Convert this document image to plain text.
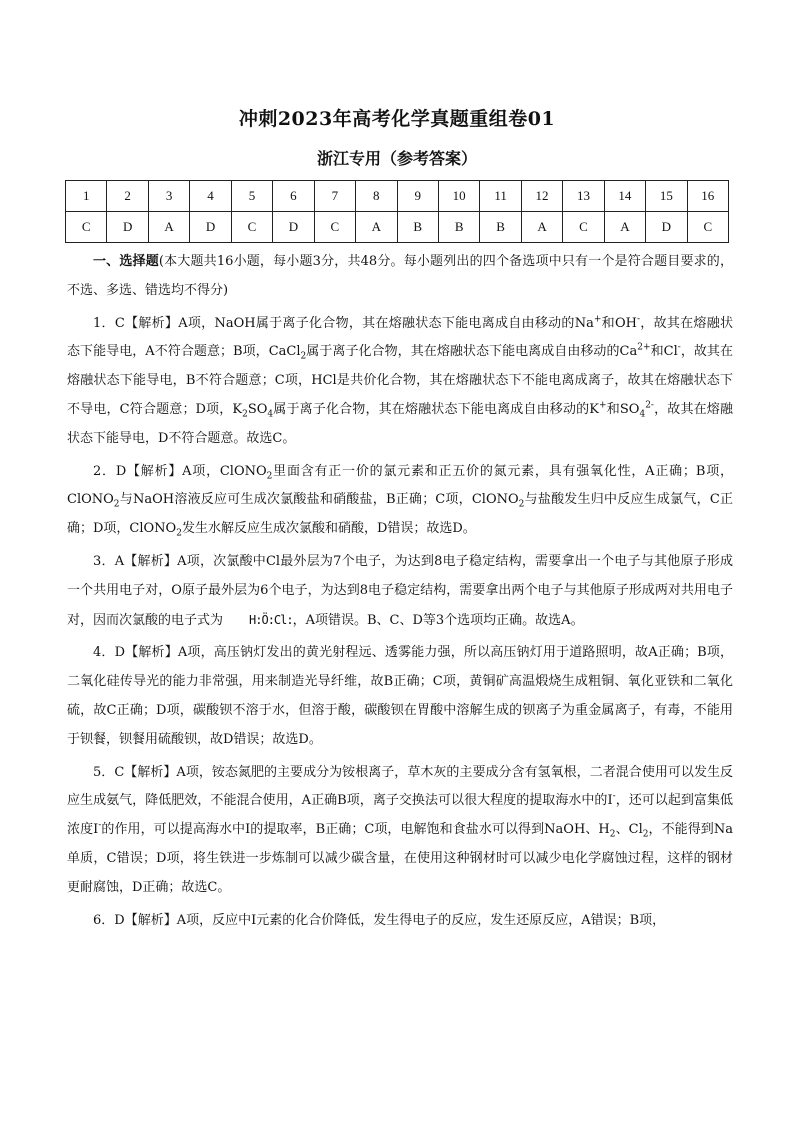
冲刺2023年高考化学真题重组卷01
浙江专用（参考答案）
1	2	3	4	5	6	7	8	9	10	11	12	13	14	15	16
C	D	A	D	C	D	C	A	B	B	B	A	C	A	D	C

一、选择题(本大题共16小题，每小题3分，共48分。每小题列出的四个备选项中只有一个是符合题目要求的，不选、多选、错选均不得分)

1．C【解析】A项，NaOH属于离子化合物，其在熔融状态下能电离成自由移动的Na+和OH-，故其在熔融状态下能导电，A不符合题意；B项，CaCl$_2$属于离子化合物，其在熔融状态下能电离成自由移动的$Ca^{2+}$和Cl-，故其在熔融状态下能导电，B不符合题意；C项，HCl是共价化合物，其在熔融状态下不能电离成离子，故其在熔融状态下不导电，C符合题意；D项，$K_2SO_4$属于离子化合物，其在熔融状态下能电离成自由移动的K+和$SO_4^{2-}$，故其在熔融状态下能导电，D不符合题意。故选C。

2．D【解析】A项，ClONO$_2$里面含有正一价的氯元素和正五价的氮元素，具有强氧化性，A正确；B项，ClONO$_2$与NaOH溶液反应可生成次氯酸盐和硝酸盐，B正确；C项，ClONO$_2$与盐酸发生归中反应生成氯气，C正确；D项，ClONO$_2$发生水解反应生成次氯酸和硝酸，D错误；故选D。

3．A【解析】A项，次氯酸中Cl最外层为7个电子，为达到8电子稳定结构，需要拿出一个电子与其他原子形成一个共用电子对，O原子最外层为6个电子，为达到8电子稳定结构，需要拿出两个电子与其他原子形成两对共用电子对，因而次氯酸的电子式为 H:Ö:Cl:，A项错误。B、C、D等3个选项均正确。故选A。

4．D【解析】A项，高压钠灯发出的黄光射程远、透雾能力强，所以高压钠灯用于道路照明，故A正确；B项，二氧化硅传导光的能力非常强，用来制造光导纤维，故B正确；C项，黄铜矿高温煅烧生成粗铜、氧化亚铁和二氧化硫，故C正确；D项，碳酸钡不溶于水，但溶于酸，碳酸钡在胃酸中溶解生成的钡离子为重金属离子，有毒，不能用于钡餐，钡餐用硫酸钡，故D错误；故选D。

5．C【解析】A项，铵态氮肥的主要成分为铵根离子，草木灰的主要成分含有氢氧根，二者混合使用可以发生反应生成氨气，降低肥效，不能混合使用，A正确B项，离子交换法可以很大程度的提取海水中的I-，还可以起到富集低浓度I-的作用，可以提高海水中I的提取率，B正确；C项，电解饱和食盐水可以得到NaOH、$H_2$、$Cl_2$，不能得到Na单质，C错误；D项，将生铁进一步炼制可以减少碳含量，在使用这种钢材时可以减少电化学腐蚀过程，这样的钢材更耐腐蚀，D正确；故选C。

6．D【解析】A项，反应中I元素的化合价降低，发生得电子的反应，发生还原反应，A错误；B项，
